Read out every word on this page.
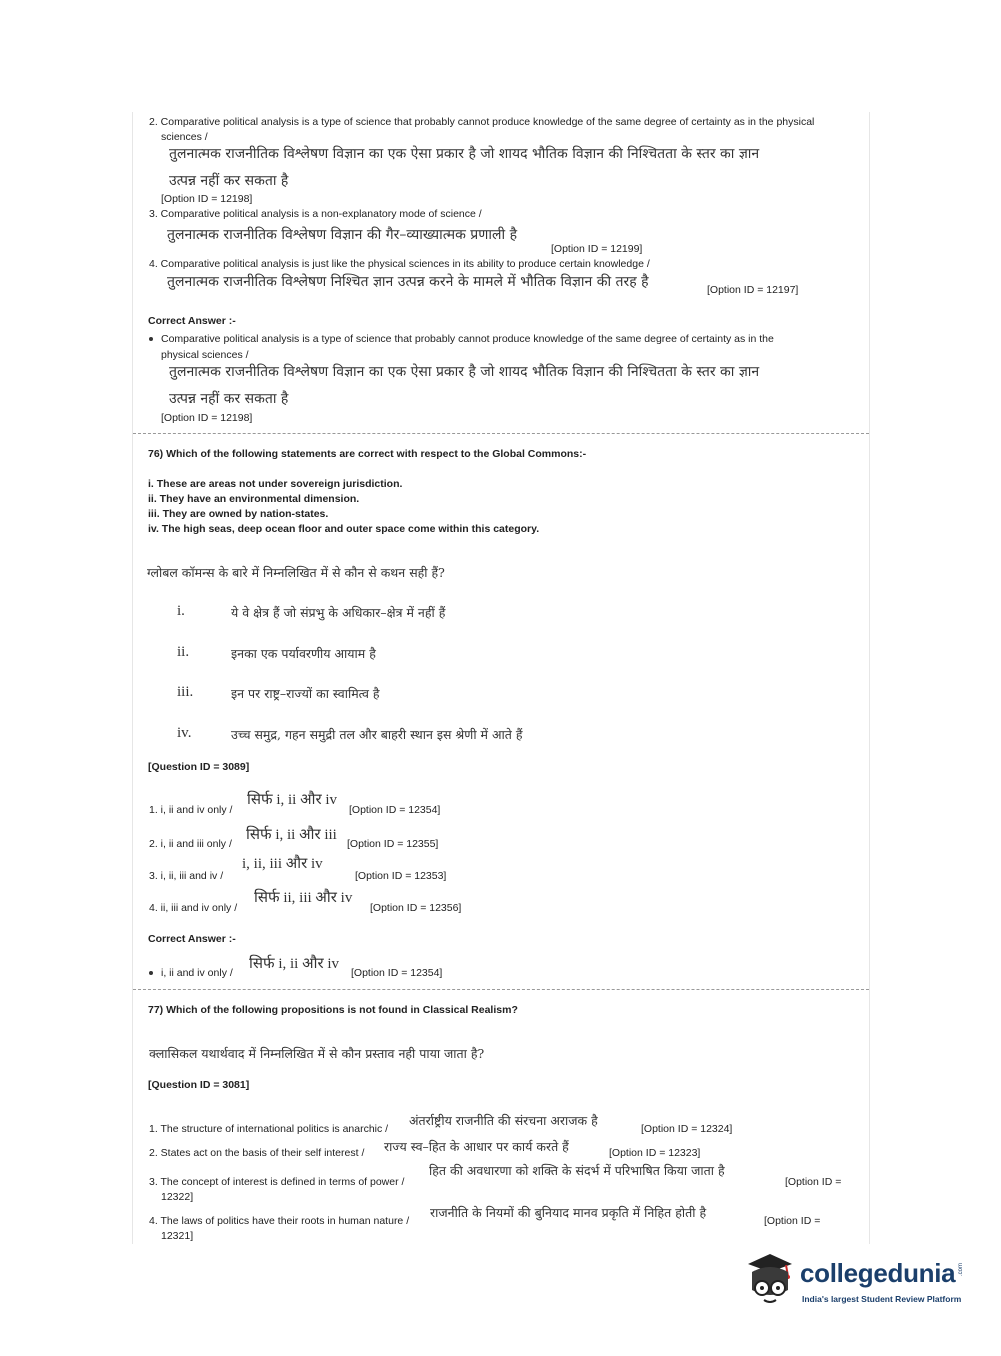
2. Comparative political analysis is a type of science that probably cannot produce knowledge of the same degree of certainty as in the physical
sciences /
तुलनात्मक राजनीतिक विश्लेषण विज्ञान का एक ऐसा प्रकार है जो शायद भौतिक विज्ञान की निश्चितता के स्तर का ज्ञान
उत्पन्न नहीं कर सकता है
[Option ID = 12198]
3. Comparative political analysis is a non-explanatory mode of science /
तुलनात्मक राजनीतिक विश्लेषण विज्ञान की गैर–व्याख्यात्मक प्रणाली है
[Option ID = 12199]
4. Comparative political analysis is just like the physical sciences in its ability to produce certain knowledge /
तुलनात्मक राजनीतिक विश्लेषण निश्चित ज्ञान उत्पन्न करने के मामले में भौतिक विज्ञान की तरह है	[Option ID = 12197]
Correct Answer :-
Comparative political analysis is a type of science that probably cannot produce knowledge of the same degree of certainty as in the
physical sciences /
तुलनात्मक राजनीतिक विश्लेषण विज्ञान का एक ऐसा प्रकार है जो शायद भौतिक विज्ञान की निश्चितता के स्तर का ज्ञान
उत्पन्न नहीं कर सकता है
[Option ID = 12198]
76) Which of the following statements are correct with respect to the Global Commons:-
i. These are areas not under sovereign jurisdiction.
ii. They have an environmental dimension.
iii. They are owned by nation-states.
iv. The high seas, deep ocean floor and outer space come within this category.
ग्लोबल कॉमन्स के बारे में निम्नलिखित में से कौन से कथन सही हैं?
i.	ये वे क्षेत्र हैं जो संप्रभु के अधिकार–क्षेत्र में नहीं हैं
ii.	इनका एक पर्यावरणीय आयाम है
iii.	इन पर राष्ट्र–राज्यों का स्वामित्व है
iv.	उच्च समुद्र, गहन समुद्री तल और बाहरी स्थान इस श्रेणी में आते हैं
[Question ID = 3089]
1. i, ii and iv only /
सिर्फ i, ii और iv
[Option ID = 12354]
2. i, ii and iii only /
सिर्फ i, ii और iii
[Option ID = 12355]
3. i, ii, iii and iv /
i, ii, iii और iv
[Option ID = 12353]
4. ii, iii and iv only /
सिर्फ ii, iii और iv
[Option ID = 12356]
Correct Answer :-
i, ii and iv only /
सिर्फ i, ii और iv
[Option ID = 12354]
77) Which of the following propositions is not found in Classical Realism?
क्लासिकल यथार्थवाद में निम्नलिखित में से कौन प्रस्ताव नही पाया जाता है?
[Question ID = 3081]
1. The structure of international politics is anarchic /
अंतर्राष्ट्रीय राजनीति की संरचना अराजक है
[Option ID = 12324]
2. States act on the basis of their self interest / राज्य स्व–हित के आधार पर कार्य करते हैं	[Option ID = 12323]
3. The concept of interest is defined in terms of power /
हित की अवधारणा को शक्ति के संदर्भ में परिभाषित किया जाता है
[Option ID =
12322]
4. The laws of politics have their roots in human nature /
राजनीति के नियमों की बुनियाद मानव प्रकृति में निहित होती है
[Option ID =
12321]
collegedunia .com
India's largest Student Review Platform
